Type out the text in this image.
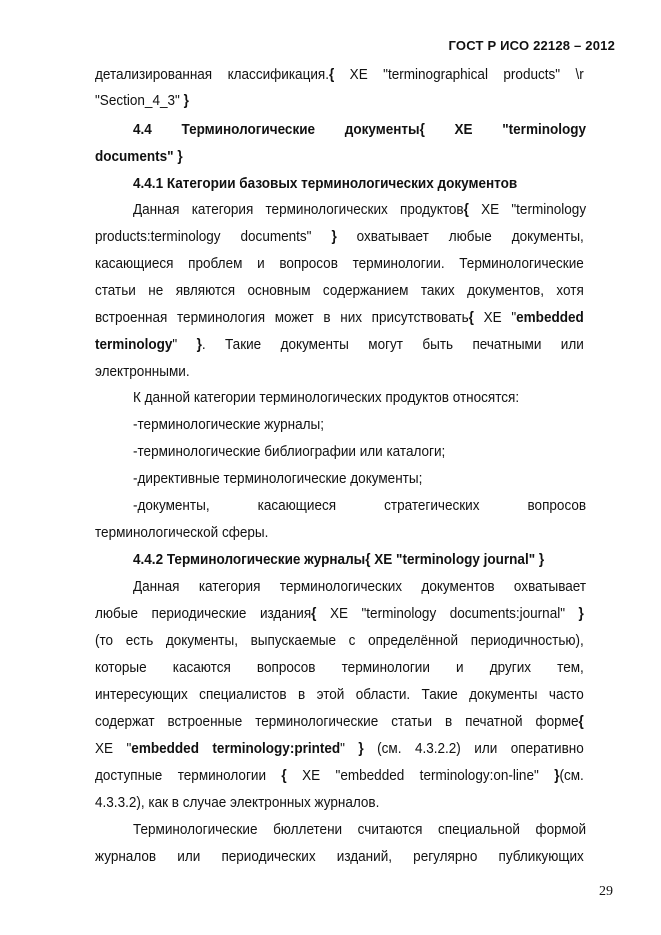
ГОСТ Р ИСО 22128 – 2012
детализированная классификация.{ XE "terminographical products" \r
"Section_4_3" }
4.4 Терминологические документы{ XE "terminology
documents" }
4.4.1 Категории базовых терминологических документов
Данная категория терминологических продуктов{ XE "terminology
products:terminology documents" } охватывает любые документы,
касающиеся проблем и вопросов терминологии. Терминологические
статьи не являются основным содержанием таких документов, хотя
встроенная терминология может в них присутствовать{ XE "embedded
terminology" }. Такие документы могут быть печатными или
электронными.
К данной категории терминологических продуктов относятся:
-терминологические журналы;
-терминологические библиографии или каталоги;
-директивные терминологические документы;
-документы, касающиеся стратегических вопросов
терминологической сферы.
4.4.2 Терминологические журналы{ XE "terminology journal" }
Данная категория терминологических документов охватывает
любые периодические издания{ XE "terminology documents:journal" }
(то есть документы, выпускаемые с определённой периодичностью),
которые касаются вопросов терминологии и других тем,
интересующих специалистов в этой области. Такие документы часто
содержат встроенные терминологические статьи в печатной форме{
XE "embedded terminology:printed" } (см. 4.3.2.2) или оперативно
доступные терминологии { XE "embedded terminology:on-line" }(см.
4.3.3.2), как в случае электронных журналов.
Терминологические бюллетени считаются специальной формой
журналов или периодических изданий, регулярно публикующих
29
